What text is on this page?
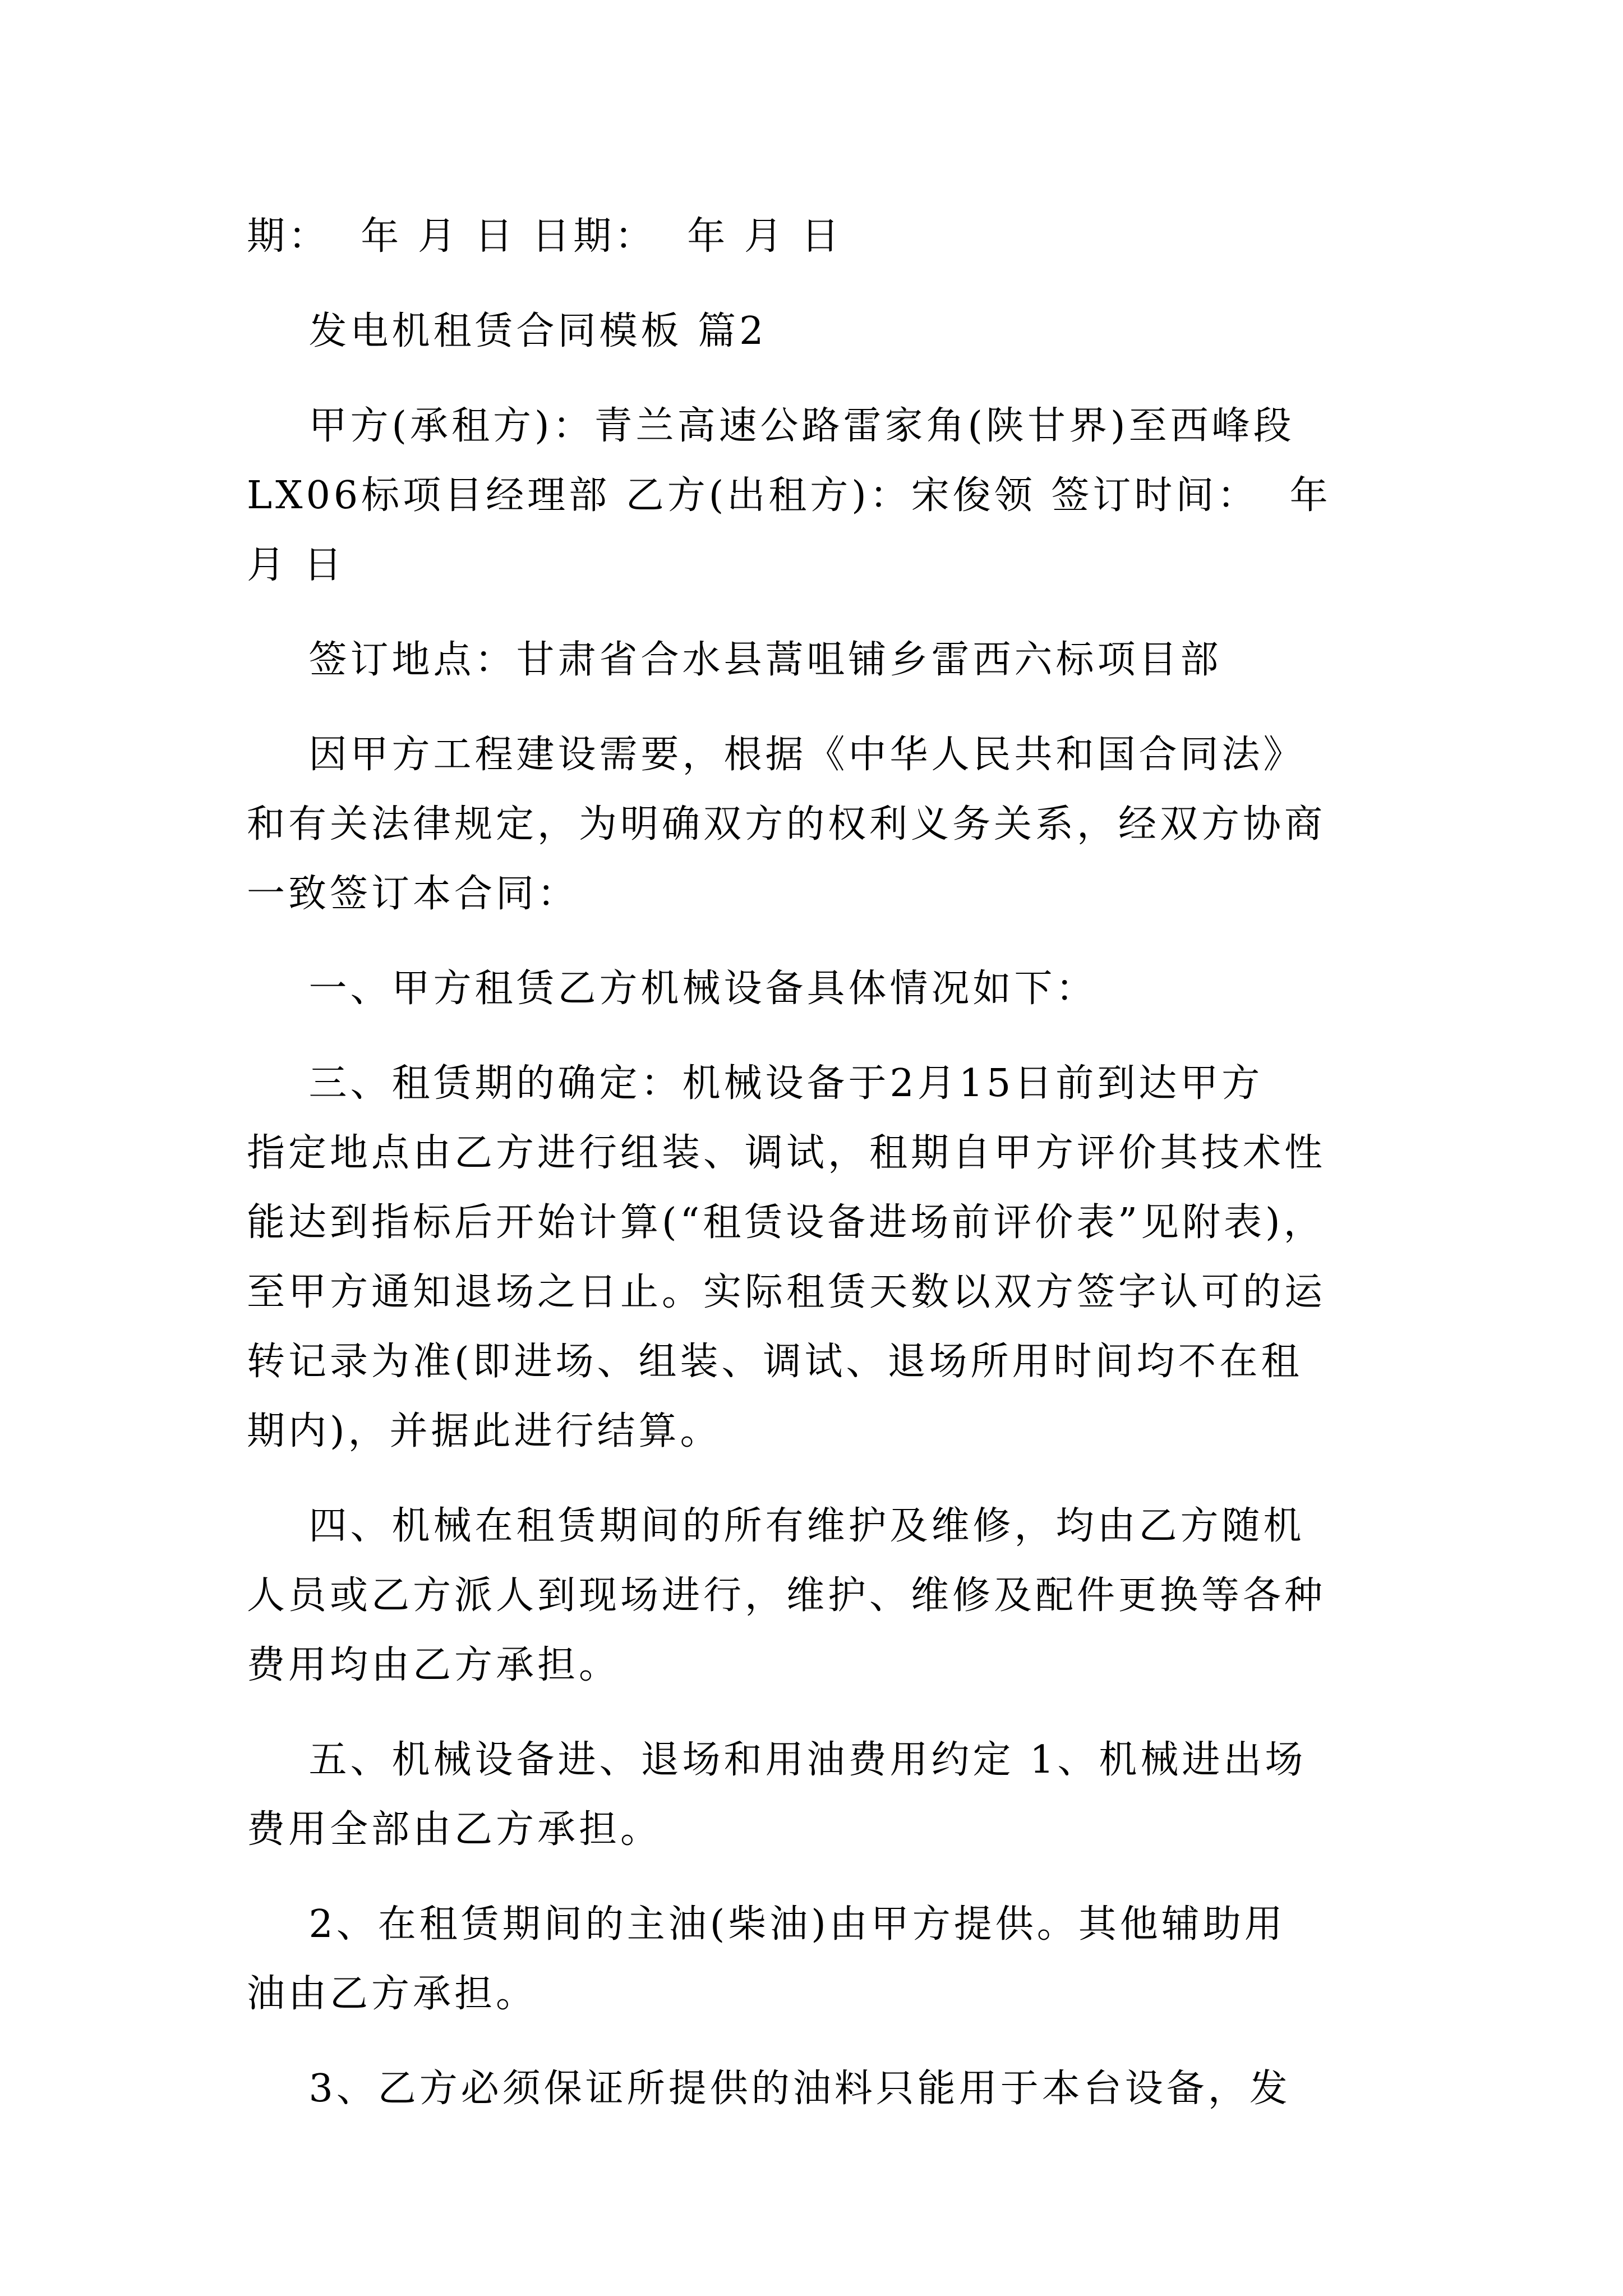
期：  年 月 日 日期：  年 月 日
发电机租赁合同模板 篇2
甲方(承租方)：青兰高速公路雷家角(陕甘界)至西峰段
LX06标项目经理部 乙方(出租方)：宋俊领 签订时间：  年
月 日
签订地点：甘肃省合水县蒿咀铺乡雷西六标项目部
因甲方工程建设需要，根据《中华人民共和国合同法》
和有关法律规定，为明确双方的权利义务关系，经双方协商
一致签订本合同：
一、甲方租赁乙方机械设备具体情况如下：
三、租赁期的确定：机械设备于2月15日前到达甲方
指定地点由乙方进行组装、调试，租期自甲方评价其技术性
能达到指标后开始计算(“租赁设备进场前评价表”见附表)，
至甲方通知退场之日止。实际租赁天数以双方签字认可的运
转记录为准(即进场、组装、调试、退场所用时间均不在租
期内)，并据此进行结算。
四、机械在租赁期间的所有维护及维修，均由乙方随机
人员或乙方派人到现场进行，维护、维修及配件更换等各种
费用均由乙方承担。
五、机械设备进、退场和用油费用约定 1、机械进出场
费用全部由乙方承担。
2、在租赁期间的主油(柴油)由甲方提供。其他辅助用
油由乙方承担。
3、乙方必须保证所提供的油料只能用于本台设备，发
